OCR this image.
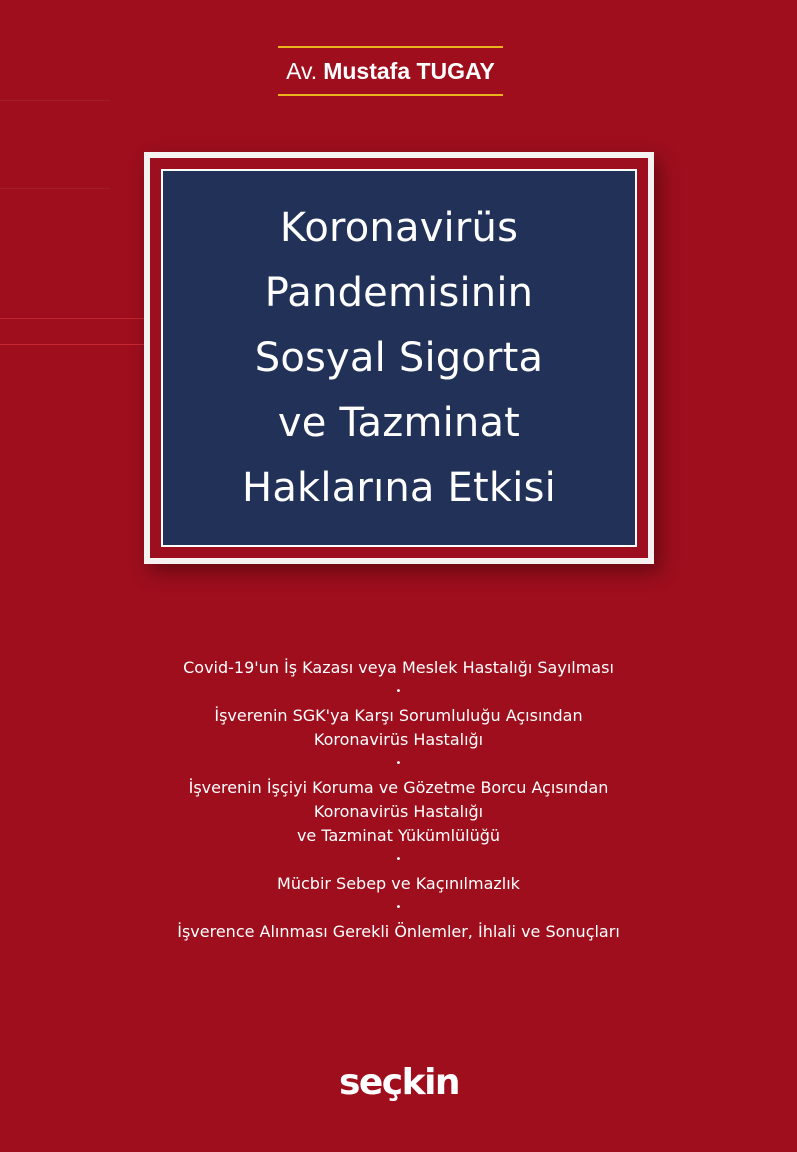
Av. Mustafa TUGAY
Koronavirüs
Pandemisinin
Sosyal Sigorta
ve Tazminat
Haklarına Etkisi
Covid-19'un İş Kazası veya Meslek Hastalığı Sayılması
•
İşverenin SGK'ya Karşı Sorumluluğu Açısından
Koronavirüs Hastalığı
•
İşverenin İşçiyi Koruma ve Gözetme Borcu Açısından
Koronavirüs Hastalığı
ve Tazminat Yükümlülüğü
•
Mücbir Sebep ve Kaçınılmazlık
•
İşverence Alınması Gerekli Önlemler, İhlali ve Sonuçları
seçkin
